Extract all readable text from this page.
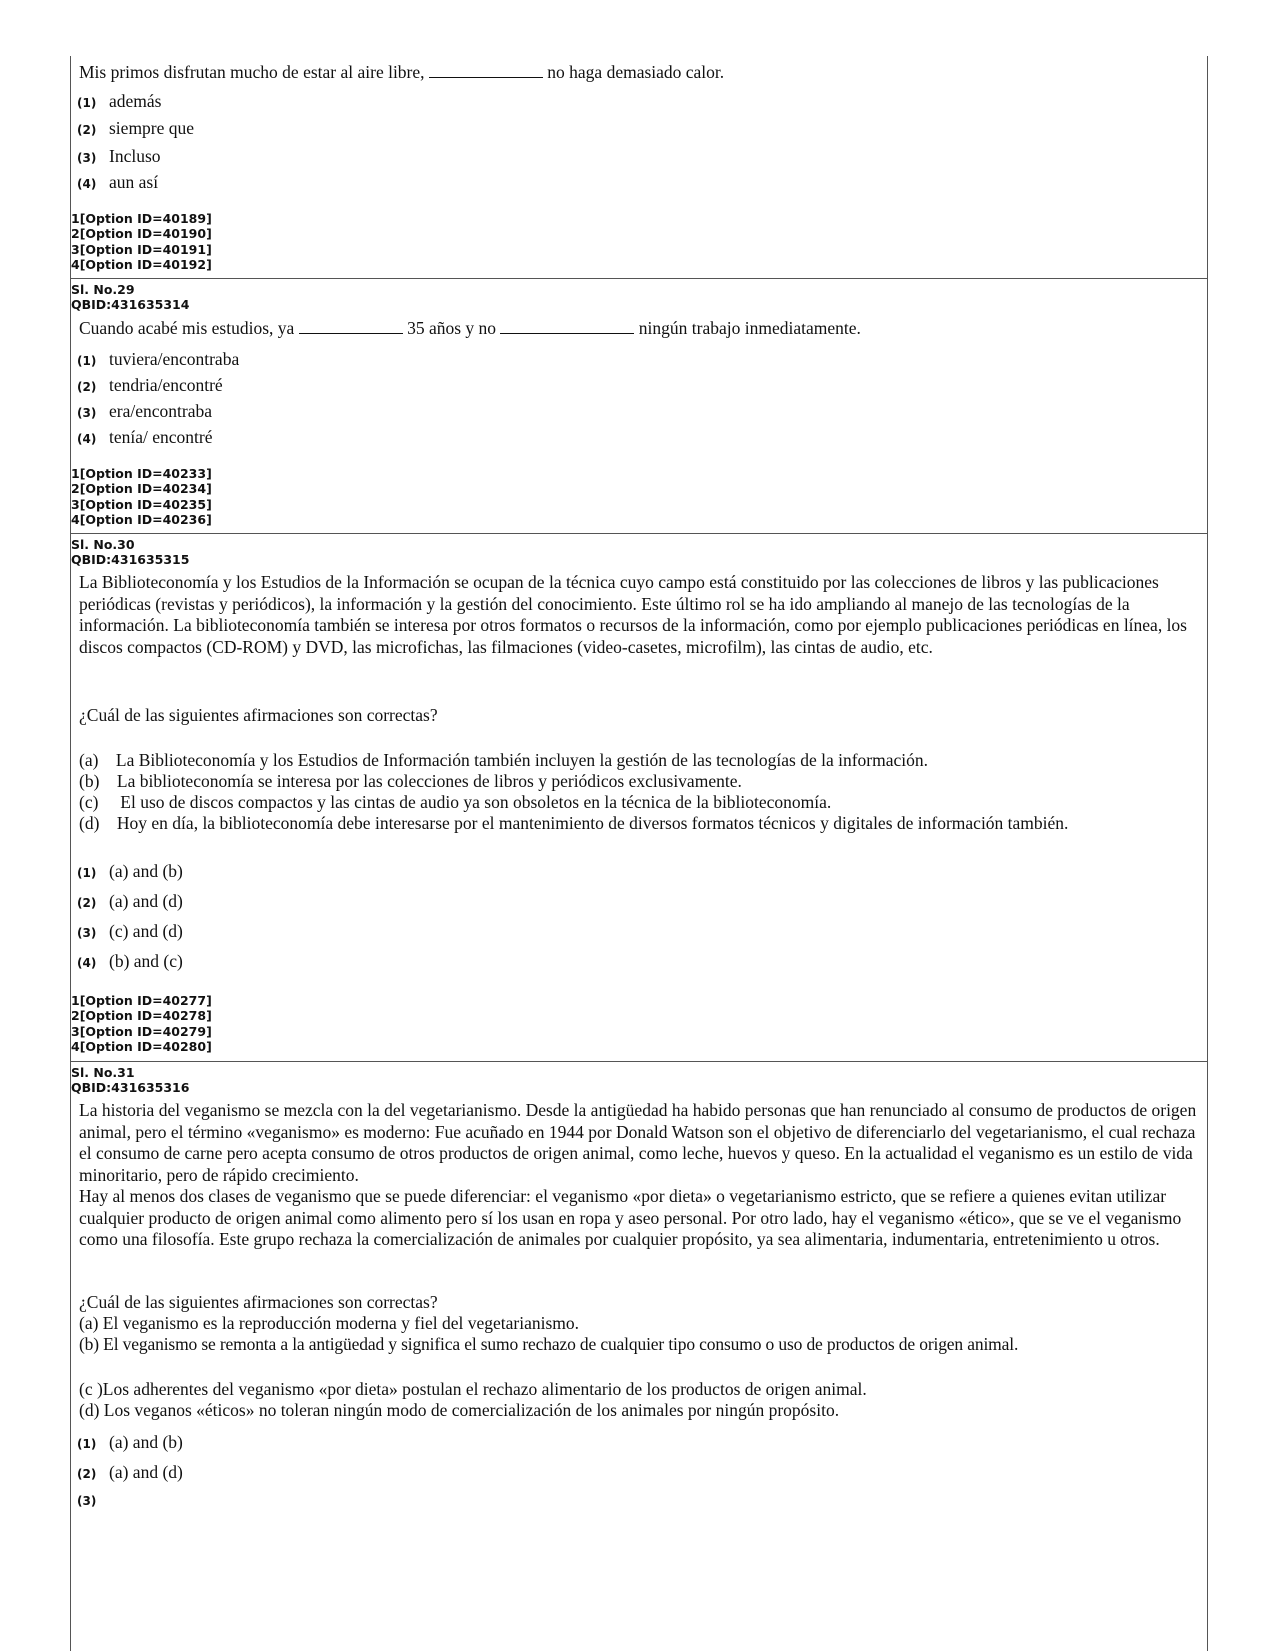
Mis primos disfrutan mucho de estar al aire libre,	no haga demasiado calor.
(1) además
(2) siempre que
(3) Incluso
(4) aun así
1[Option ID=40189]
2[Option ID=40190]
3[Option ID=40191]
4[Option ID=40192]
Sl. No.29
QBID:431635314
Cuando acabé mis estudios, ya	35 años y no	ningún trabajo inmediatamente.
(1) tuviera/encontraba
(2) tendria/encontré
(3) era/encontraba
(4) tenía/ encontré
1[Option ID=40233]
2[Option ID=40234]
3[Option ID=40235]
4[Option ID=40236]
Sl. No.30
QBID:431635315
La Biblioteconomía y los Estudios de la Información se ocupan de la técnica cuyo campo está constituido por las colecciones de libros y las publicaciones periódicas (revistas y periódicos), la información y la gestión del conocimiento. Este último rol se ha ido ampliando al manejo de las tecnologías de la información. La biblioteconomía también se interesa por otros formatos o recursos de la información, como por ejemplo publicaciones periódicas en línea, los discos compactos (CD-ROM) y DVD, las microfichas, las filmaciones (video-casetes, microfilm), las cintas de audio, etc.
¿Cuál de las siguientes afirmaciones son correctas?

(a)    La Biblioteconomía y los Estudios de Información también incluyen la gestión de las tecnologías de la información.

(b)    La biblioteconomía se interesa por las colecciones de libros y periódicos exclusivamente.

(c)     El uso de discos compactos y las cintas de audio ya son obsoletos en la técnica de la biblioteconomía.

(d)    Hoy en día, la biblioteconomía debe interesarse por el mantenimiento de diversos formatos técnicos y digitales de información también.

(1) (a) and (b)
(2) (a) and (d)
(3) (c) and (d)
(4) (b) and (c)
1[Option ID=40277]
2[Option ID=40278]
3[Option ID=40279]
4[Option ID=40280]
Sl. No.31
QBID:431635316

La historia del veganismo se mezcla con la del vegetarianismo. Desde la antigüedad ha habido personas que han renunciado al consumo de productos de origen animal, pero el término «veganismo» es moderno: Fue acuñado en 1944 por Donald Watson son el objetivo de diferenciarlo del vegetarianismo, el cual rechaza el consumo de carne pero acepta consumo de otros productos de origen animal, como leche, huevos y queso. En la actualidad el veganismo es un estilo de vida minoritario, pero de rápido crecimiento.

Hay al menos dos clases de veganismo que se puede diferenciar: el veganismo «por dieta» o vegetarianismo estricto, que se refiere a quienes evitan utilizar cualquier producto de origen animal como alimento pero sí los usan en ropa y aseo personal. Por otro lado, hay el veganismo «ético», que se ve el veganismo como una filosofía. Este grupo rechaza la comercialización de animales por cualquier propósito, ya sea alimentaria, indumentaria, entretenimiento u otros.

¿Cuál de las siguientes afirmaciones son correctas?

(a) El veganismo es la reproducción moderna y fiel del vegetarianismo.

(b) El veganismo se remonta a la antigüedad y significa el sumo rechazo de cualquier tipo consumo o uso de productos de origen animal.

(c )Los adherentes del veganismo «por dieta» postulan el rechazo alimentario de los productos de origen animal.

(d) Los veganos «éticos» no toleran ningún modo de comercialización de los animales por ningún propósito.

(1) (a) and (b)
(2) (a) and (d)
(3)
